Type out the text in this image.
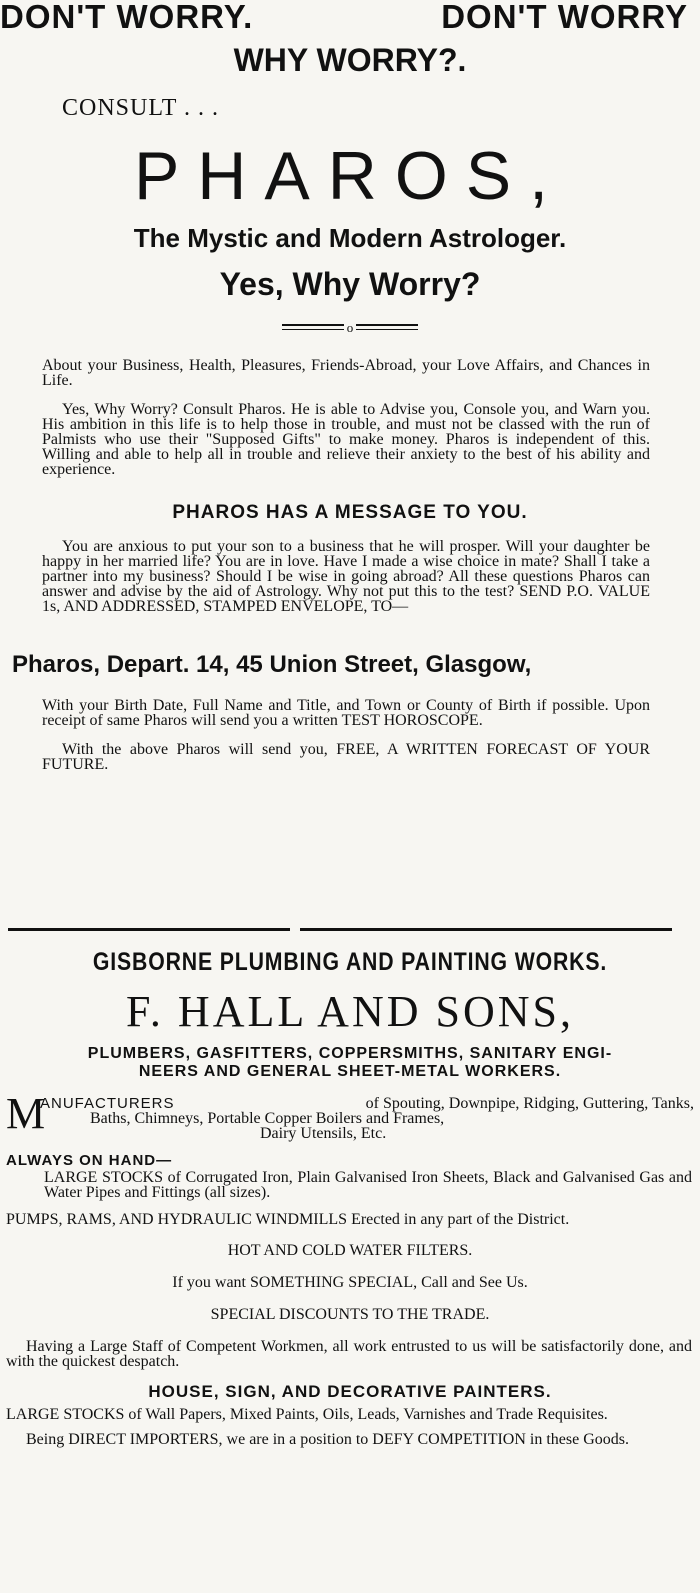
DON'T WORRY.	DON'T WORRY
WHY WORRY?.
CONSULT . . .
PHAROS,
The Mystic and Modern Astrologer.
Yes, Why Worry?
o
About your Business, Health, Pleasures, Friends-Abroad, your Love Affairs, and Chances in Life.
Yes, Why Worry? Consult Pharos. He is able to Advise you, Console you, and Warn you. His ambition in this life is to help those in trouble, and must not be classed with the run of Palmists who use their "Supposed Gifts" to make money. Pharos is independent of this. Willing and able to help all in trouble and relieve their anxiety to the best of his ability and experience.
PHAROS HAS A MESSAGE TO YOU.
You are anxious to put your son to a business that he will prosper. Will your daughter be happy in her married life? You are in love. Have I made a wise choice in mate? Shall I take a partner into my business? Should I be wise in going abroad? All these questions Pharos can answer and advise by the aid of Astrology. Why not put this to the test? SEND P.O. VALUE 1s, AND ADDRESSED, STAMPED ENVELOPE, TO—
Pharos, Depart. 14, 45 Union Street, Glasgow,
With your Birth Date, Full Name and Title, and Town or County of Birth if possible. Upon receipt of same Pharos will send you a written TEST HOROSCOPE.
With the above Pharos will send you, FREE, A WRITTEN FORECAST OF YOUR FUTURE.
GISBORNE PLUMBING AND PAINTING WORKS.
F. HALL AND SONS,
PLUMBERS, GASFITTERS, COPPERSMITHS, SANITARY ENGI-
NEERS AND GENERAL SHEET-METAL WORKERS.
M
ANUFACTURERS	of Spouting, Downpipe, Ridging, Guttering, Tanks,
Baths, Chimneys, Portable Copper Boilers and Frames,
Dairy Utensils, Etc.
ALWAYS ON HAND—
LARGE STOCKS of Corrugated Iron, Plain Galvanised Iron Sheets, Black and Galvanised Gas and Water Pipes and Fittings (all sizes).
PUMPS, RAMS, AND HYDRAULIC WINDMILLS Erected in any part of the District.
HOT AND COLD WATER FILTERS.
If you want SOMETHING SPECIAL, Call and See Us.
SPECIAL DISCOUNTS TO THE TRADE.
Having a Large Staff of Competent Workmen, all work entrusted to us will be satisfactorily done, and with the quickest despatch.
HOUSE, SIGN, AND DECORATIVE PAINTERS.
LARGE STOCKS of Wall Papers, Mixed Paints, Oils, Leads, Varnishes and Trade Requisites.
Being DIRECT IMPORTERS, we are in a position to DEFY COMPETITION in these Goods.
